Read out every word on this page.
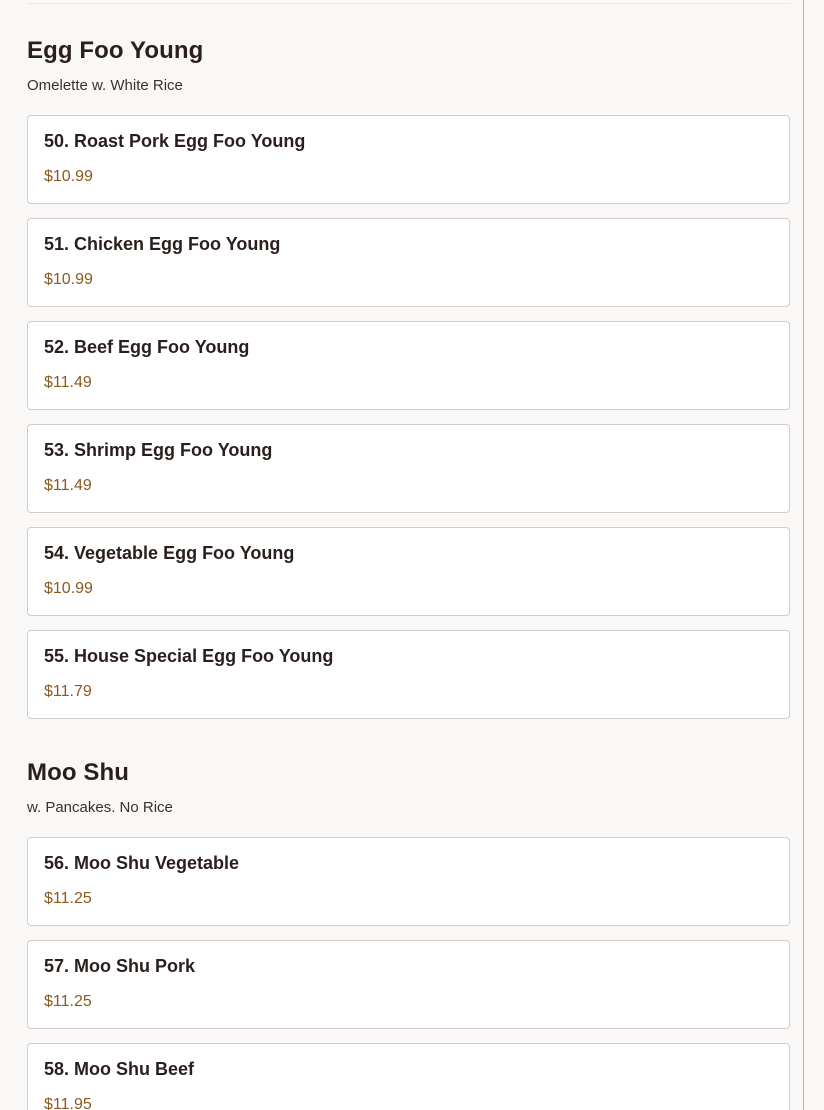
Egg Foo Young

Omelette w. White Rice

50. Roast Pork Egg Foo Young
$10.99
51. Chicken Egg Foo Young
$10.99
52. Beef Egg Foo Young
$11.49
53. Shrimp Egg Foo Young
$11.49
54. Vegetable Egg Foo Young
$10.99
55. House Special Egg Foo Young
$11.79
Moo Shu

w. Pancakes. No Rice

56. Moo Shu Vegetable
$11.25
57. Moo Shu Pork
$11.25
58. Moo Shu Beef
$11.95
